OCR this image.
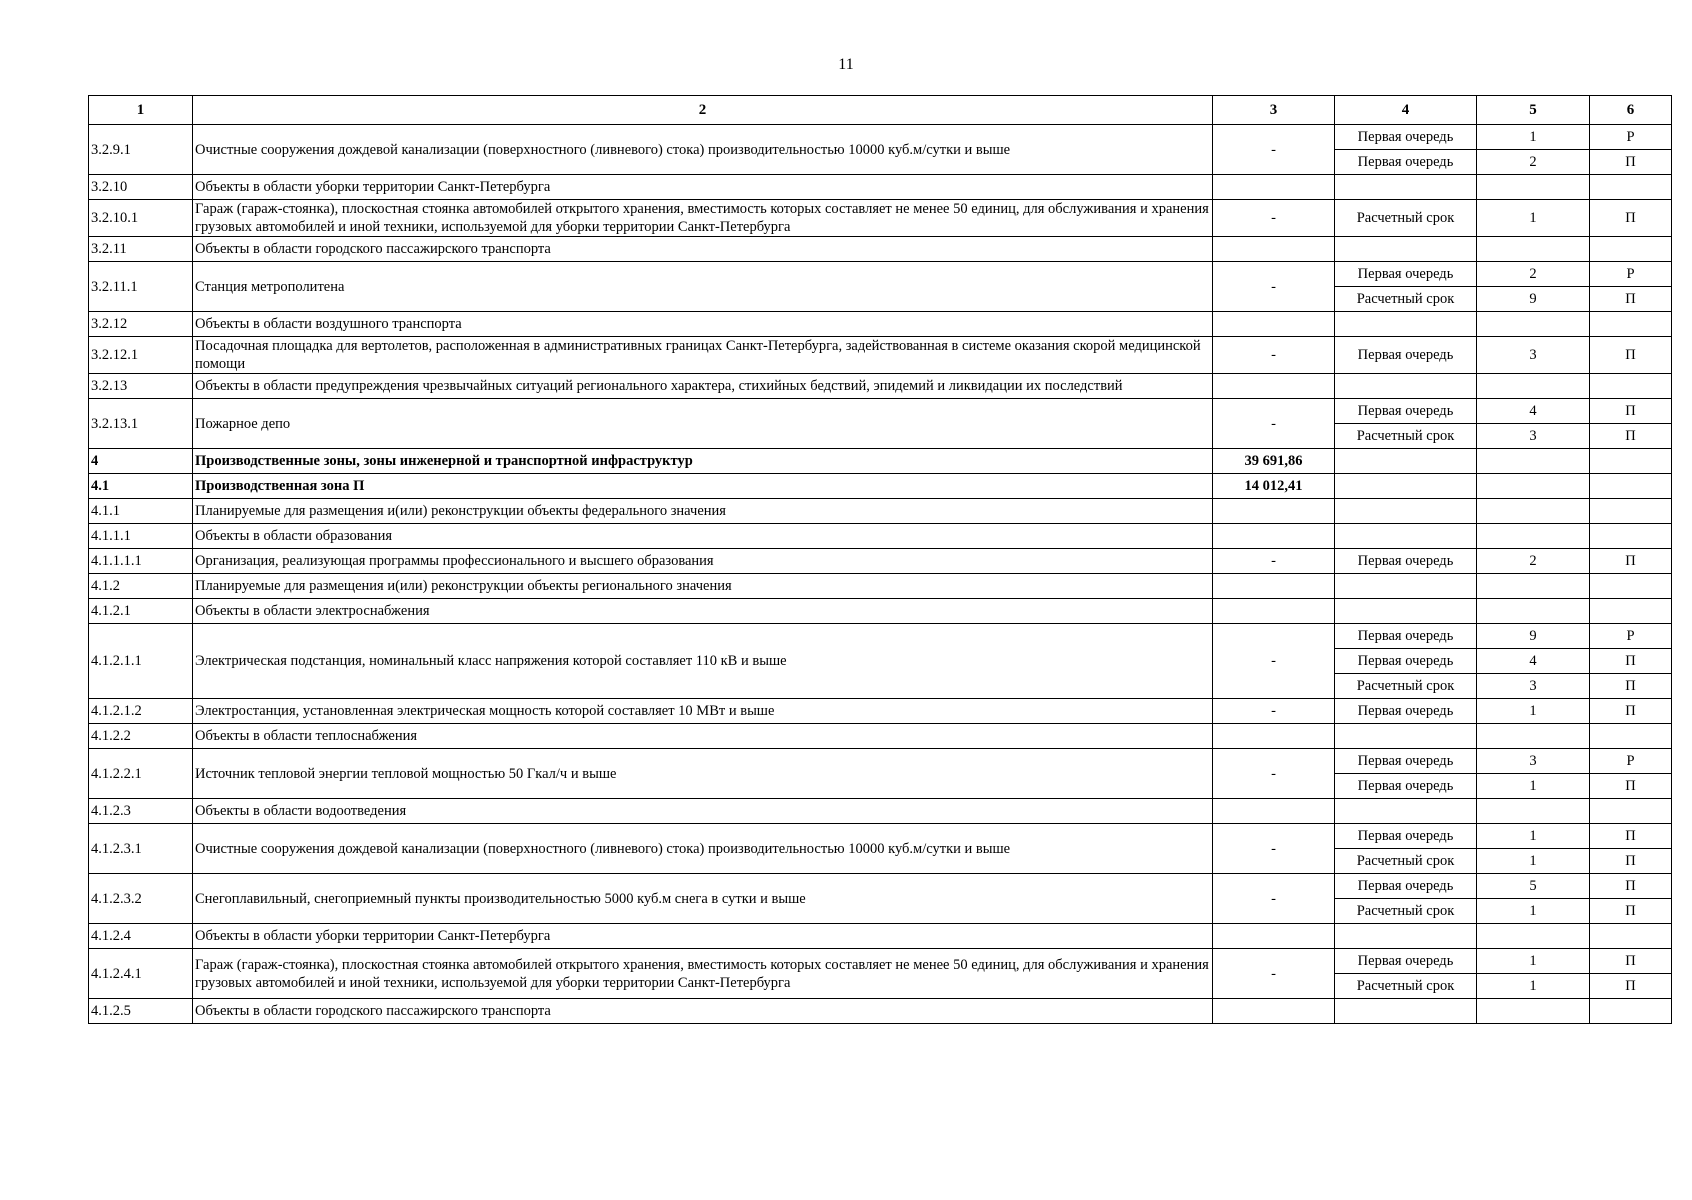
11
1	2	3	4	5	6
3.2.9.1	Очистные сооружения дождевой канализации (поверхностного (ливневого) стока) производительностью 10000 куб.м/сутки и выше	-	Первая очередь	1	Р
			Первая очередь	2	П
3.2.10	Объекты в области уборки территории Санкт-Петербурга				
3.2.10.1	Гараж (гараж-стоянка), плоскостная стоянка автомобилей открытого хранения, вместимость которых составляет не менее 50 единиц, для обслуживания и хранения грузовых автомобилей и иной техники, используемой для уборки территории Санкт-Петербурга	-	Расчетный срок	1	П
3.2.11	Объекты в области городского пассажирского транспорта				
3.2.11.1	Станция метрополитена	-	Первая очередь	2	Р
			Расчетный срок	9	П
3.2.12	Объекты в области воздушного транспорта				
3.2.12.1	Посадочная площадка для вертолетов, расположенная в административных границах Санкт-Петербурга, задействованная в системе оказания скорой медицинской помощи	-	Первая очередь	3	П
3.2.13	Объекты в области предупреждения чрезвычайных ситуаций регионального характера, стихийных бедствий, эпидемий и ликвидации их последствий				
3.2.13.1	Пожарное депо	-	Первая очередь	4	П
			Расчетный срок	3	П
4	Производственные зоны, зоны инженерной и транспортной инфраструктур	39 691,86			
4.1	Производственная зона П	14 012,41			
4.1.1	Планируемые для размещения и(или) реконструкции объекты федерального значения				
4.1.1.1	Объекты в области образования				
4.1.1.1.1	Организация, реализующая программы профессионального и высшего образования	-	Первая очередь	2	П
4.1.2	Планируемые для размещения и(или) реконструкции объекты регионального значения				
4.1.2.1	Объекты в области электроснабжения				
4.1.2.1.1	Электрическая подстанция, номинальный класс напряжения которой составляет 110 кВ и выше	-	Первая очередь	9	Р
			Первая очередь	4	П
			Расчетный срок	3	П
4.1.2.1.2	Электростанция, установленная электрическая мощность которой составляет 10 МВт и выше	-	Первая очередь	1	П
4.1.2.2	Объекты в области теплоснабжения				
4.1.2.2.1	Источник тепловой энергии тепловой мощностью 50 Гкал/ч и выше	-	Первая очередь	3	Р
			Первая очередь	1	П
4.1.2.3	Объекты в области водоотведения				
4.1.2.3.1	Очистные сооружения дождевой канализации (поверхностного (ливневого) стока) производительностью 10000 куб.м/сутки и выше	-	Первая очередь	1	П
			Расчетный срок	1	П
4.1.2.3.2	Снегоплавильный, снегоприемный пункты производительностью 5000 куб.м снега в сутки и выше	-	Первая очередь	5	П
			Расчетный срок	1	П
4.1.2.4	Объекты в области уборки территории Санкт-Петербурга				
4.1.2.4.1	Гараж (гараж-стоянка), плоскостная стоянка автомобилей открытого хранения, вместимость которых составляет не менее 50 единиц, для обслуживания и хранения грузовых автомобилей и иной техники, используемой для уборки территории Санкт-Петербурга	-	Первая очередь	1	П
			Расчетный срок	1	П
4.1.2.5	Объекты в области городского пассажирского транспорта				
